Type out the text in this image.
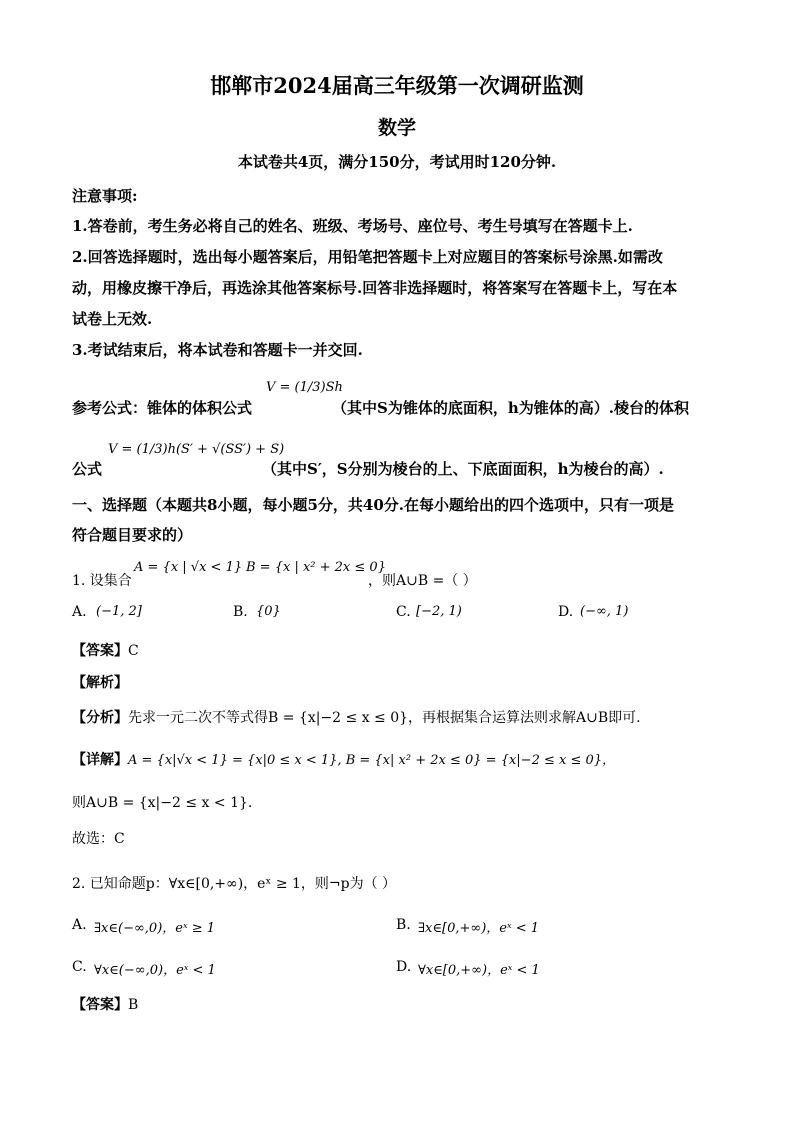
邯郸市2024届高三年级第一次调研监测
数学
本试卷共4页，满分150分，考试用时120分钟.
注意事项:
1.答卷前，考生务必将自己的姓名、班级、考场号、座位号、考生号填写在答题卡上.
2.回答选择题时，选出每小题答案后，用铅笔把答题卡上对应题目的答案标号涂黑.如需改
动，用橡皮擦干净后，再选涂其他答案标号.回答非选择题时，将答案写在答题卡上，写在本
试卷上无效.
3.考试结束后，将本试卷和答题卡一并交回.
参考公式：锥体的体积公式
V = (1/3)Sh
（其中S为锥体的底面积，h为锥体的高）.棱台的体积
公式
V = (1/3)h(S′ + √(SS′) + S)
（其中S′，S分别为棱台的上、下底面面积，h为棱台的高）.
一、选择题（本题共8小题，每小题5分，共40分.在每小题给出的四个选项中，只有一项是
符合题目要求的）
1. 设集合
A = {x | √x < 1} B = {x | x² + 2x ≤ 0}
，则A∪B =（ ）
A. (−1, 2]	B. {0}	C. [−2, 1)	D. (−∞, 1)
【答案】C
【解析】
【分析】先求一元二次不等式得B = {x|−2 ≤ x ≤ 0}，再根据集合运算法则求解A∪B即可.
【详解】A = {x|√x < 1} = {x|0 ≤ x < 1}, B = {x| x² + 2x ≤ 0} = {x|−2 ≤ x ≤ 0}，
则A∪B = {x|−2 ≤ x < 1}.
故选：C
2. 已知命题p：∀x∈[0,+∞)，eˣ ≥ 1，则¬p为（ ）
A. ∃x∈(−∞,0)，eˣ ≥ 1	B. ∃x∈[0,+∞)，eˣ < 1
C. ∀x∈(−∞,0)，eˣ < 1	D. ∀x∈[0,+∞)，eˣ < 1
【答案】B
